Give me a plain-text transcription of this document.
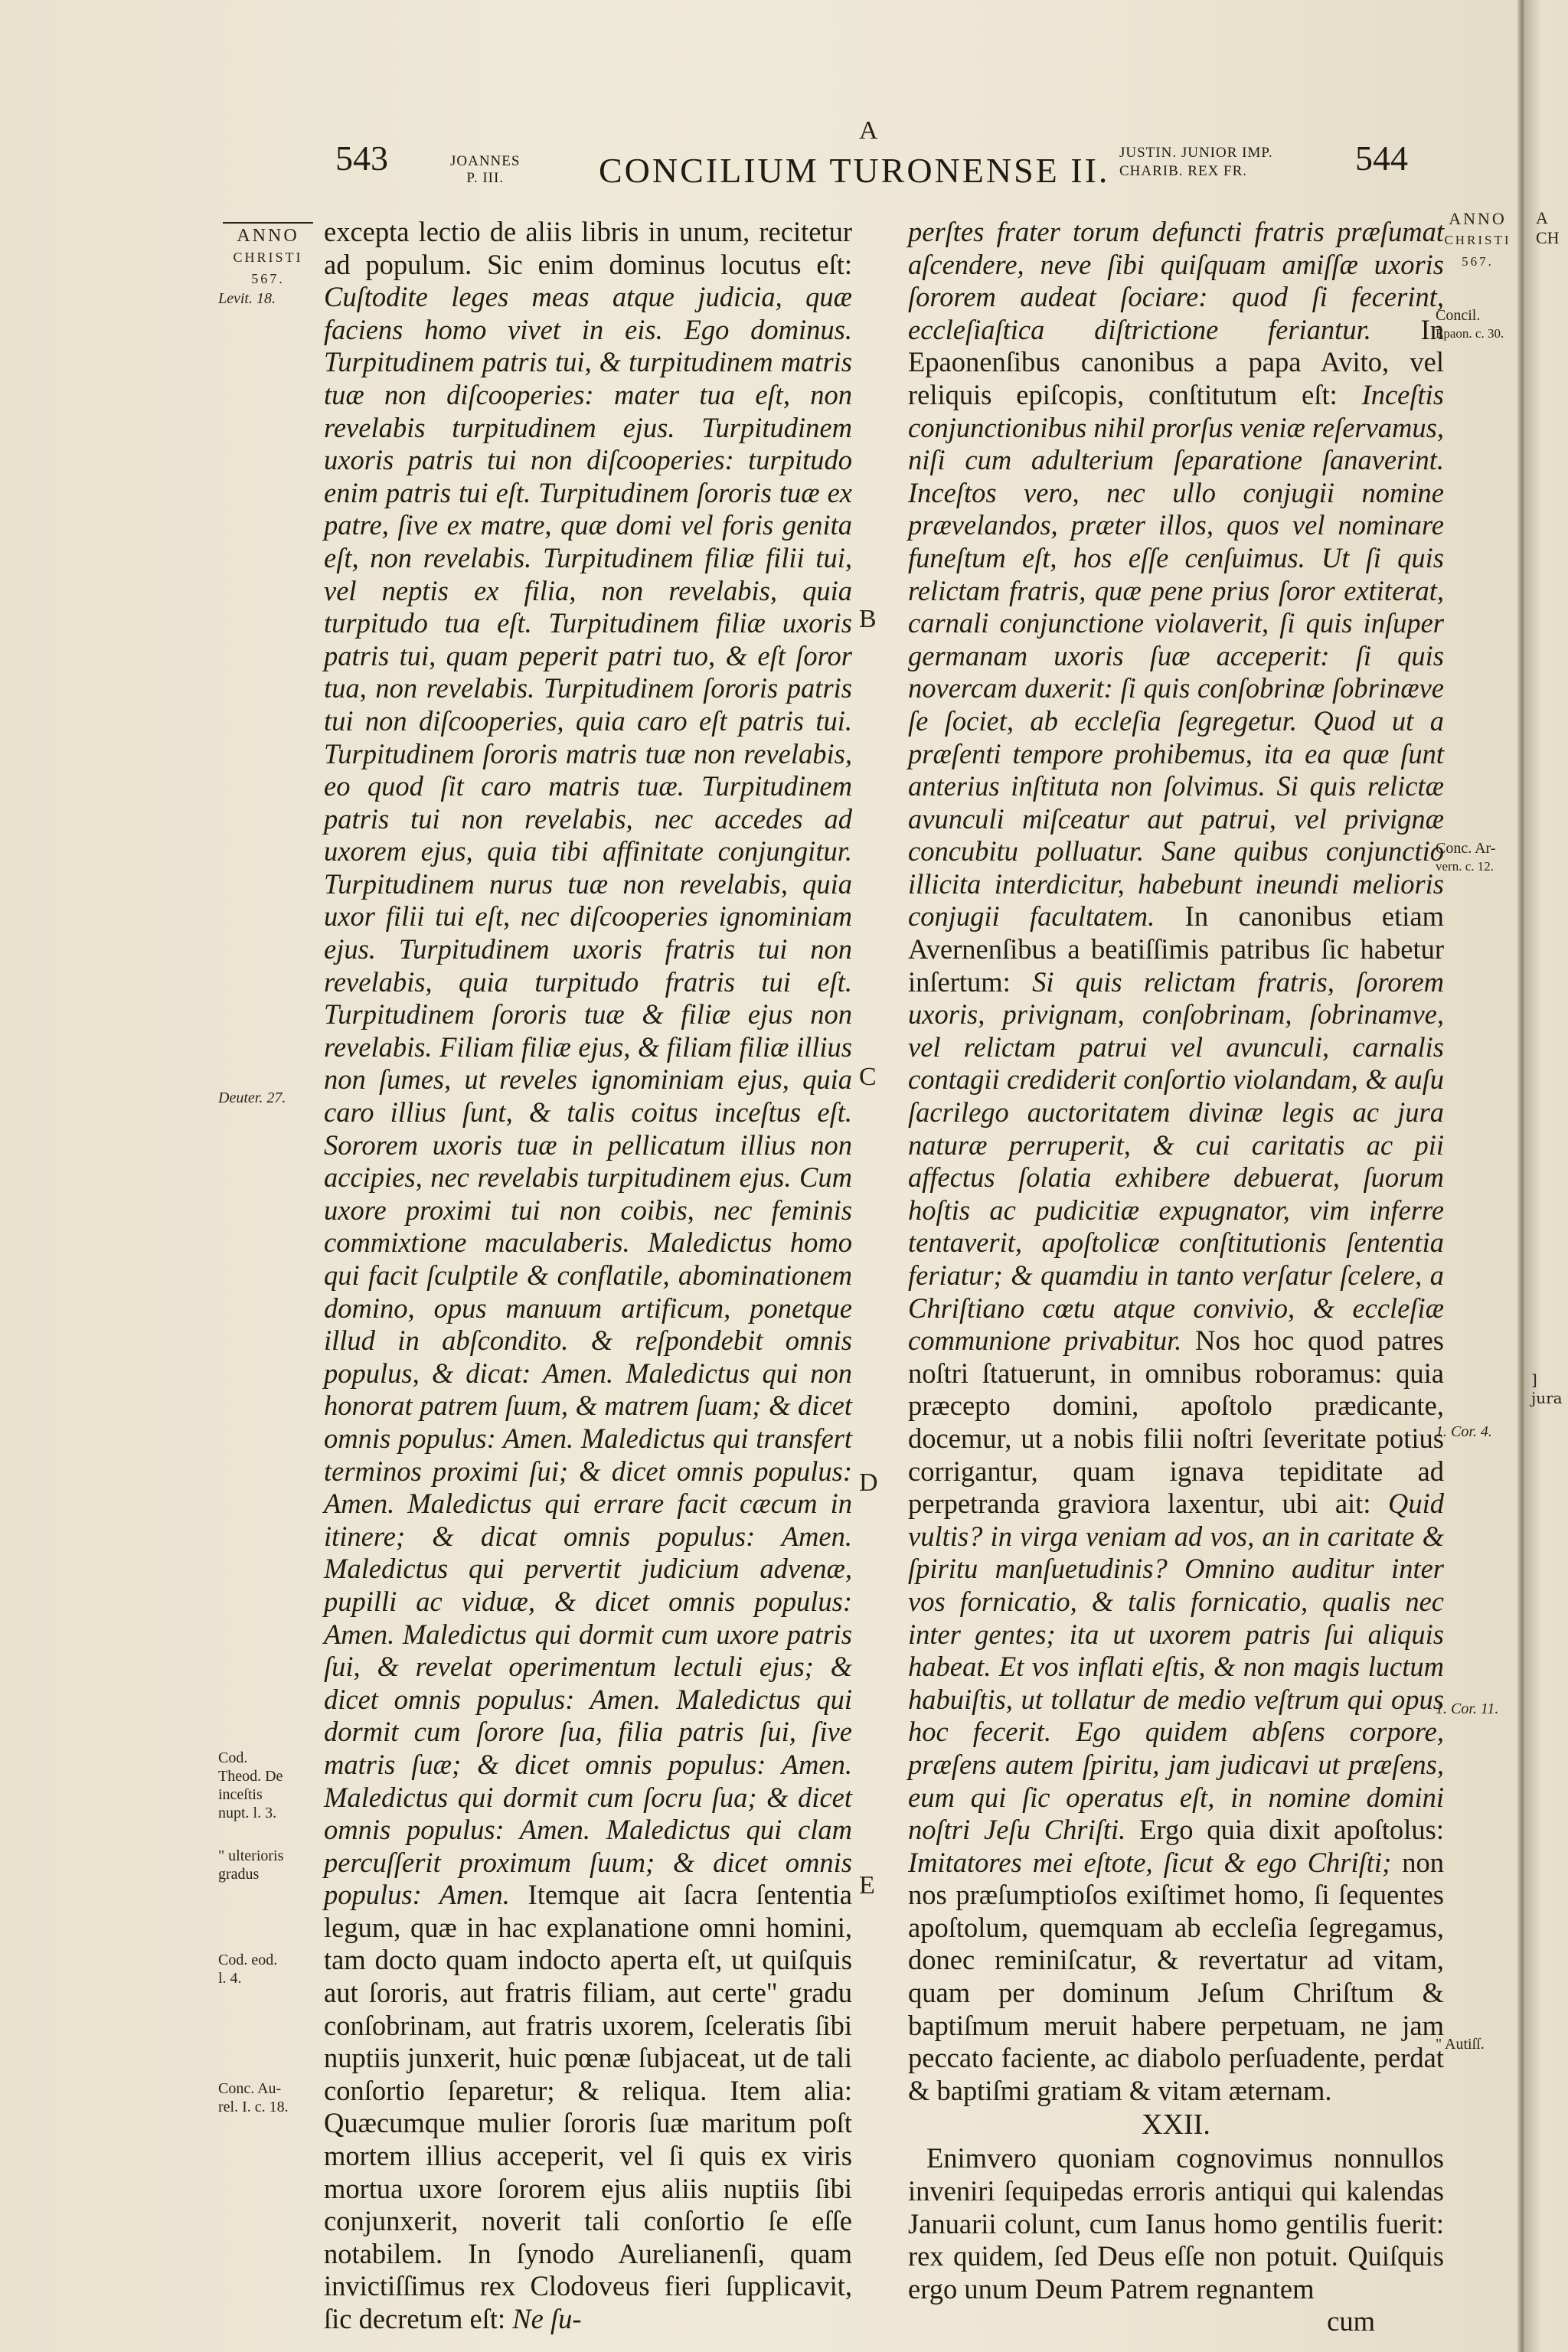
A
CH
] jura
543	JOANNES
P. III.	CONCILIUM TURONENSE II. JUSTIN. JUNIOR IMP.
CHARIB. REX FR.	544
ANNO
CHRISTI
567.
Levit. 18.
Deuter. 27.
Cod.
Theod. De
inceſtis
nupt. l. 3.
" ulterioris
gradus
Cod. eod.
l. 4.
Conc. Au-
rel. I. c. 18.
ANNO
CHRISTI
567.
Concil.
Epaon. c. 30.
Conc. Ar-
vern. c. 12.
1. Cor. 4.
1. Cor. 11.
" Autiſſ.
A
B
C
D
E

excepta lectio de aliis libris in unum, recitetur ad populum. Sic enim dominus locutus eſt: Cuſtodite leges meas atque judicia, quæ faciens homo vivet in eis. Ego dominus. Turpitudinem patris tui, & turpitudinem matris tuæ non diſcooperies: mater tua eſt, non revelabis turpitudinem ejus. Turpitudinem uxoris patris tui non diſcooperies: turpitudo enim patris tui eſt. Turpitudinem ſororis tuæ ex patre, ſive ex matre, quæ domi vel foris genita eſt, non revelabis. Turpitudinem filiæ filii tui, vel neptis ex filia, non revelabis, quia turpitudo tua eſt. Turpitudinem filiæ uxoris patris tui, quam peperit patri tuo, & eſt ſoror tua, non revelabis. Turpitudinem ſororis patris tui non diſcooperies, quia caro eſt patris tui. Turpitudinem ſororis matris tuæ non revelabis, eo quod ſit caro matris tuæ. Turpitudinem patris tui non revelabis, nec accedes ad uxorem ejus, quia tibi affinitate conjungitur. Turpitudinem nurus tuæ non revelabis, quia uxor filii tui eſt, nec diſcooperies ignominiam ejus. Turpitudinem uxoris fratris tui non revelabis, quia turpitudo fratris tui eſt. Turpitudinem ſororis tuæ & filiæ ejus non revelabis. Filiam filiæ ejus, & filiam filiæ illius non ſumes, ut reveles ignominiam ejus, quia caro illius ſunt, & talis coitus inceſtus eſt. Sororem uxoris tuæ in pellicatum illius non accipies, nec revelabis turpitudinem ejus. Cum uxore proximi tui non coibis, nec feminis commixtione maculaberis. Maledictus homo qui facit ſculptile & conflatile, abominationem domino, opus manuum artificum, ponetque illud in abſcondito. & reſpondebit omnis populus, & dicat: Amen. Maledictus qui non honorat patrem ſuum, & matrem ſuam; & dicet omnis populus: Amen. Maledictus qui transfert terminos proximi ſui; & dicet omnis populus: Amen. Maledictus qui errare facit cæcum in itinere; & dicat omnis populus: Amen. Maledictus qui pervertit judicium advenæ, pupilli ac viduæ, & dicet omnis populus: Amen. Maledictus qui dormit cum uxore patris ſui, & revelat operimentum lectuli ejus; & dicet omnis populus: Amen. Maledictus qui dormit cum ſorore ſua, filia patris ſui, ſive matris ſuæ; & dicet omnis populus: Amen. Maledictus qui dormit cum ſocru ſua; & dicet omnis populus: Amen. Maledictus qui clam percuſſerit proximum ſuum; & dicet omnis populus: Amen. Itemque ait ſacra ſententia legum, quæ in hac explanatione omni homini, tam docto quam indocto aperta eſt, ut quiſquis aut ſororis, aut fratris filiam, aut certe" gradu conſobrinam, aut fratris uxorem, ſceleratis ſibi nuptiis junxerit, huic pœnæ ſubjaceat, ut de tali conſortio ſeparetur; & reliqua. Item alia: Quæcumque mulier ſororis ſuæ maritum poſt mortem illius acceperit, vel ſi quis ex viris mortua uxore ſororem ejus aliis nuptiis ſibi conjunxerit, noverit tali conſortio ſe eſſe notabilem. In ſynodo Aurelianenſi, quam invictiſſimus rex Clodoveus fieri ſupplicavit, ſic decretum eſt: Ne ſu-

perſtes frater torum defuncti fratris præſumat aſcendere, neve ſibi quiſquam amiſſæ uxoris ſororem audeat ſociare: quod ſi fecerint, eccleſiaſtica diſtrictione feriantur. In Epaonenſibus canonibus a papa Avito, vel reliquis epiſcopis, conſtitutum eſt: Inceſtis conjunctionibus nihil prorſus veniæ reſervamus, niſi cum adulterium ſeparatione ſanaverint. Inceſtos vero, nec ullo conjugii nomine prævelandos, præter illos, quos vel nominare funeſtum eſt, hos eſſe cenſuimus. Ut ſi quis relictam fratris, quæ pene prius ſoror extiterat, carnali conjunctione violaverit, ſi quis inſuper germanam uxoris ſuæ acceperit: ſi quis novercam duxerit: ſi quis conſobrinæ ſobrinæve ſe ſociet, ab eccleſia ſegregetur. Quod ut a præſenti tempore prohibemus, ita ea quæ ſunt anterius inſtituta non ſolvimus. Si quis relictæ avunculi miſceatur aut patrui, vel privignæ concubitu polluatur. Sane quibus conjunctio illicita interdicitur, habebunt ineundi melioris conjugii facultatem. In canonibus etiam Avernenſibus a beatiſſimis patribus ſic habetur inſertum: Si quis relictam fratris, ſororem uxoris, privignam, conſobrinam, ſobrinamve, vel relictam patrui vel avunculi, carnalis contagii crediderit conſortio violandam, & auſu ſacrilego auctoritatem divinæ legis ac jura naturæ perruperit, & cui caritatis ac pii affectus ſolatia exhibere debuerat, ſuorum hoſtis ac pudicitiæ expugnator, vim inferre tentaverit, apoſtolicæ conſtitutionis ſententia feriatur; & quamdiu in tanto verſatur ſcelere, a Chriſtiano cœtu atque convivio, & eccleſiæ communione privabitur. Nos hoc quod patres noſtri ſtatuerunt, in omnibus roboramus: quia præcepto domini, apoſtolo prædicante, docemur, ut a nobis filii noſtri ſeveritate potius corrigantur, quam ignava tepiditate ad perpetranda graviora laxentur, ubi ait: Quid vultis? in virga veniam ad vos, an in caritate & ſpiritu manſuetudinis? Omnino auditur inter vos fornicatio, & talis fornicatio, qualis nec inter gentes; ita ut uxorem patris ſui aliquis habeat. Et vos inflati eſtis, & non magis luctum habuiſtis, ut tollatur de medio veſtrum qui opus hoc fecerit. Ego quidem abſens corpore, præſens autem ſpiritu, jam judicavi ut præſens, eum qui ſic operatus eſt, in nomine domini noſtri Jeſu Chriſti. Ergo quia dixit apoſtolus: Imitatores mei eſtote, ſicut & ego Chriſti; non nos præſumptioſos exiſtimet homo, ſi ſequentes apoſtolum, quemquam ab eccleſia ſegregamus, donec reminiſcatur, & revertatur ad vitam, quam per dominum Jeſum Chriſtum & baptiſmum meruit habere perpetuam, ne jam peccato faciente, ac diabolo perſuadente, perdat & baptiſmi gratiam & vitam æternam.

XXII.

Enimvero quoniam cognovimus nonnullos inveniri ſequipedas erroris antiqui qui kalendas Januarii colunt, cum Ianus homo gentilis fuerit: rex quidem, ſed Deus eſſe non potuit. Quiſquis ergo unum Deum Patrem regnantem

cum
